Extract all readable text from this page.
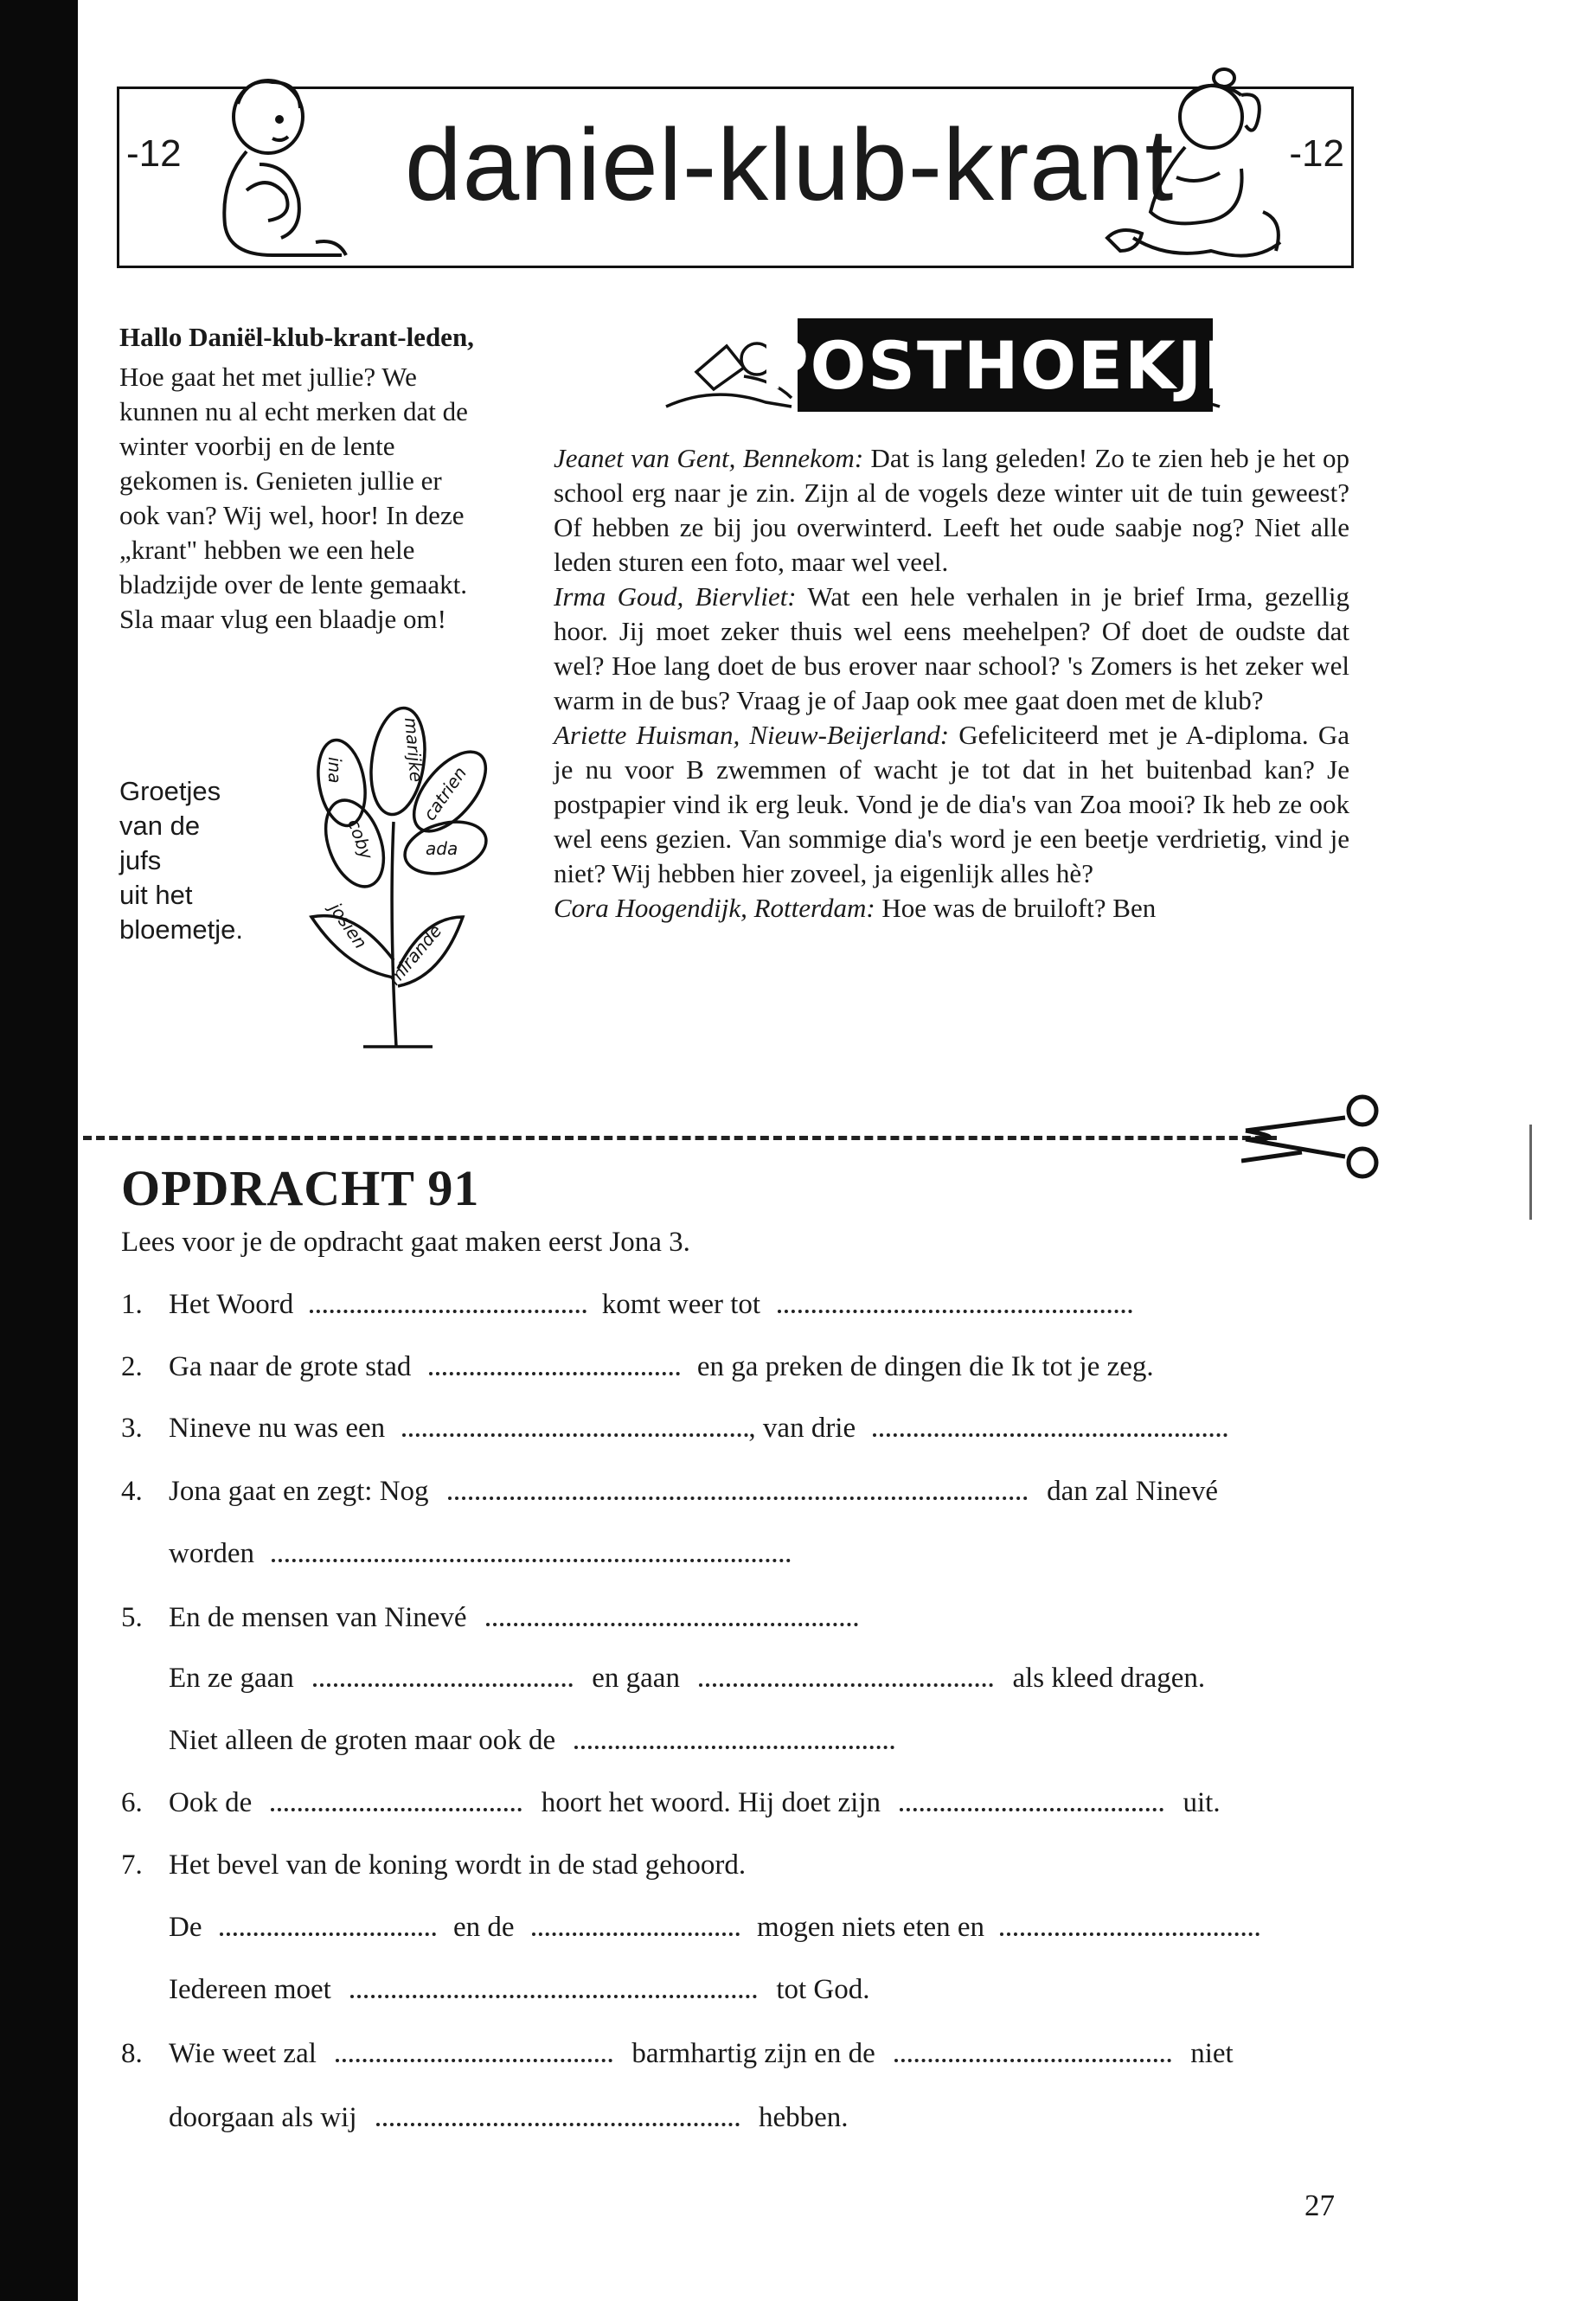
-12 daniel-klub-krant	-12
Hallo Daniël-klub-krant-leden,

Hoe gaat het met jullie? We kunnen nu al echt merken dat de winter voorbij en de lente gekomen is. Genieten jullie er ook van? Wij wel, hoor! In deze „krant" hebben we een hele bladzijde over de lente gemaakt.

Sla maar vlug een blaadje om!

Groetjes
van de
jufs
uit het
bloemetje.
marijke
catrien
ada
ina
coby
josien mirande
POSTHOEKJE

Jeanet van Gent, Bennekom: Dat is lang geleden! Zo te zien heb je het op school erg naar je zin. Zijn al de vogels deze winter uit de tuin geweest? Of hebben ze bij jou overwinterd. Leeft het oude saabje nog? Niet alle leden sturen een foto, maar wel veel.

Irma Goud, Biervliet: Wat een hele verhalen in je brief Irma, gezellig hoor. Jij moet zeker thuis wel eens meehelpen? Of doet de oudste dat wel? Hoe lang doet de bus erover naar school? 's Zomers is het zeker wel warm in de bus? Vraag je of Jaap ook mee gaat doen met de klub?

Ariette Huisman, Nieuw-Beijerland: Gefeliciteerd met je A-diploma. Ga je nu voor B zwemmen of wacht je tot dat in het buitenbad kan? Je postpapier vind ik erg leuk. Vond je de dia's van Zoa mooi? Ik heb ze ook wel eens gezien. Van sommige dia's word je een beetje verdrietig, vind je niet? Wij hebben hier zoveel, ja eigenlijk alles hè?

Cora Hoogendijk, Rotterdam: Hoe was de bruiloft? Ben

OPDRACHT 91
Lees voor je de opdracht gaat maken eerst Jona 3.
1. Het Woord	komt weer tot
2. Ga naar de grote stad	en ga preken de dingen die Ik tot je zeg.
3. Nineve nu was een	, van drie
4. Jona gaat en zegt: Nog	dan zal Ninevé
worden
5. En de mensen van Ninevé
En ze gaan	en gaan	als kleed dragen.
Niet alleen de groten maar ook de
6. Ook de	hoort het woord. Hij doet zijn	uit.
7. Het bevel van de koning wordt in de stad gehoord.
De	en de	mogen niets eten en
Iedereen moet	tot God.
8. Wie weet zal	barmhartig zijn en de	niet
doorgaan als wij	hebben.
27
